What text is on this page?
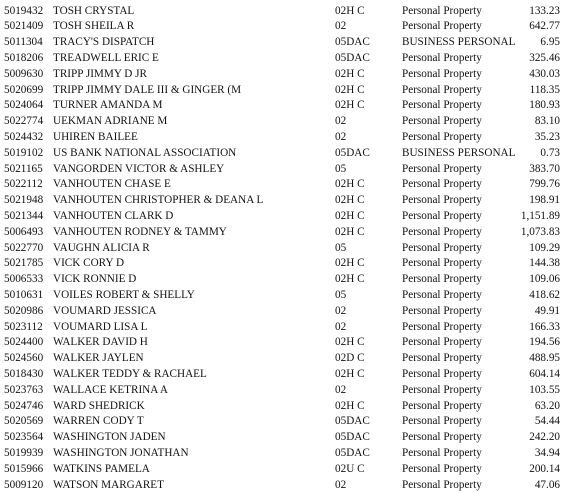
5019432 TOSH CRYSTAL	02H C	Personal Property	133.23
5021409 TOSH SHEILA R	02	Personal Property	642.77
5011304 TRACY'S DISPATCH	05DAC	BUSINESS PERSONAL	6.95
5018206 TREADWELL ERIC E	05DAC	Personal Property	325.46
5009630 TRIPP JIMMY D JR	02H C	Personal Property	430.03
5020699 TRIPP JIMMY DALE III & GINGER (M	02H C	Personal Property	118.35
5024064 TURNER AMANDA M	02H C	Personal Property	180.93
5022774 UEKMAN ADRIANE M	02	Personal Property	83.10
5024432 UHIREN BAILEE	02	Personal Property	35.23
5019102 US BANK NATIONAL ASSOCIATION	05DAC	BUSINESS PERSONAL	0.73
5021165 VANGORDEN VICTOR & ASHLEY	05	Personal Property	383.70
5022112 VANHOUTEN CHASE E	02H C	Personal Property	799.76
5021948 VANHOUTEN CHRISTOPHER & DEANA L	02H C	Personal Property	198.91
5021344 VANHOUTEN CLARK D	02H C	Personal Property	1,151.89
5006493 VANHOUTEN RODNEY & TAMMY	02H C	Personal Property	1,073.83
5022770 VAUGHN ALICIA R	05	Personal Property	109.29
5021785 VICK CORY D	02H C	Personal Property	144.38
5006533 VICK RONNIE D	02H C	Personal Property	109.06
5010631 VOILES ROBERT & SHELLY	05	Personal Property	418.62
5020986 VOUMARD JESSICA	02	Personal Property	49.91
5023112 VOUMARD LISA L	02	Personal Property	166.33
5024400 WALKER DAVID H	02H C	Personal Property	194.56
5024560 WALKER JAYLEN	02D C	Personal Property	488.95
5018430 WALKER TEDDY & RACHAEL	02H C	Personal Property	604.14
5023763 WALLACE KETRINA A	02	Personal Property	103.55
5024746 WARD SHEDRICK	02H C	Personal Property	63.20
5020569 WARREN CODY T	05DAC	Personal Property	54.44
5023564 WASHINGTON JADEN	05DAC	Personal Property	242.20
5019939 WASHINGTON JONATHAN	05DAC	Personal Property	34.94
5015966 WATKINS PAMELA	02U C	Personal Property	200.14
5009120 WATSON MARGARET	02	Personal Property	47.06
